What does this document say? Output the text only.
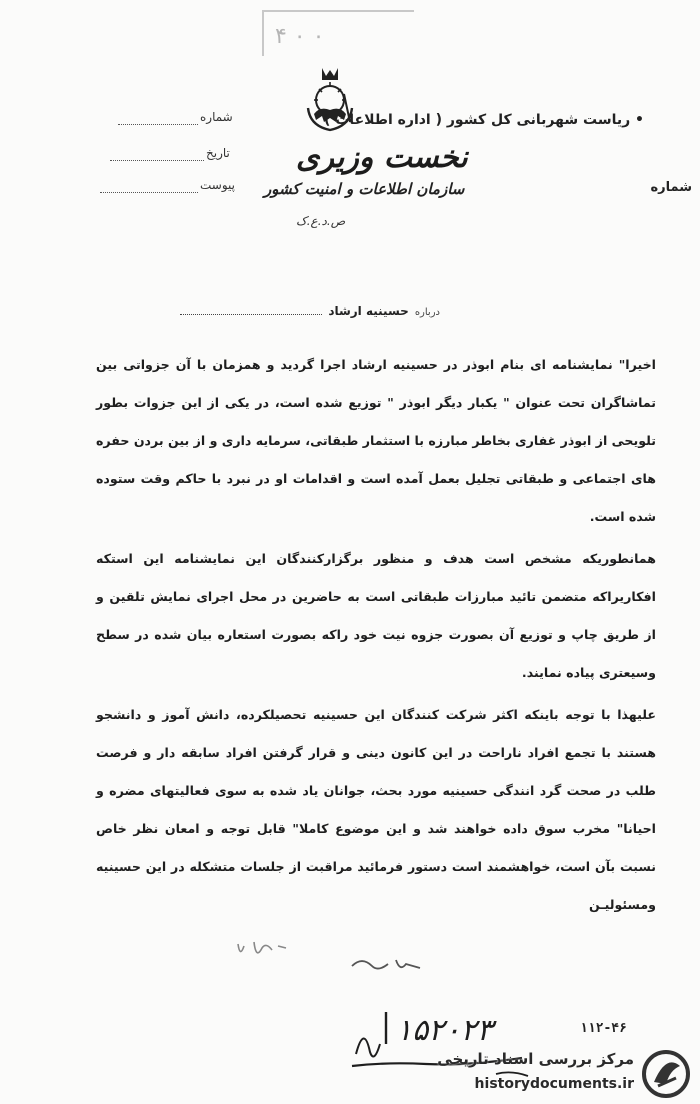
۴ ۰ ۰
شماره
تاریخ
پیوست
• ریاست شهربانی کل کشور ( اداره اطلاعات )
نخست وزیری
سازمان اطلاعات و امنیت کشور	شماره
ص.د.ع.ک
درباره
حسینیه ارشاد

اخیرا" نمایشنامه ای بنام ابوذر در حسینیه ارشاد اجرا گردید و همزمان با آن جزواتی بین تماشاگران تحت عنوان " یکبار دیگر ابوذر " توزیع شده است، در یکی از این جزوات بطور تلویحی از ابوذر غفاری بخاطر مبارزه با استثمار طبقاتی، سرمایه داری و از بین بردن حفره های اجتماعی و طبقاتی تجلیل بعمل آمده است و اقدامات او در نبرد با حاکم وقت ستوده شده است.

همانطوریکه مشخص است هدف و منظور برگزارکنندگان این نمایشنامه این استکه افکاریراکه متضمن تائید مبارزات طبقاتی است به حاضرین در محل اجرای نمایش تلقین و از طریق چاپ و توزیع آن بصورت جزوه نیت خود راکه بصورت استعاره بیان شده در سطح وسیعتری پیاده نمایند.

علیهذا با توجه باینکه اکثر شرکت کنندگان این حسینیه تحصیلکرده، دانش آموز و دانشجو هستند با تجمع افراد ناراحت در این کانون دینی و قرار گرفتن افراد سابقه دار و فرصت طلب در صحت گرد انندگی حسینیه مورد بحث، جوانان یاد شده به سوی فعالیتهای مضره و احیانا" مخرب سوق داده خواهند شد و این موضوع کاملا" قابل توجه و امعان نظر خاص نسبت بآن است، خواهشمند است دستور فرمائید مراقبت از جلسات متشکله در این حسینیه ومسئولیـن

۱۵۲۰۲۳	۱۱۲-۴۶
مرکز بررسی اسناد تاریخی
historydocuments.ir
